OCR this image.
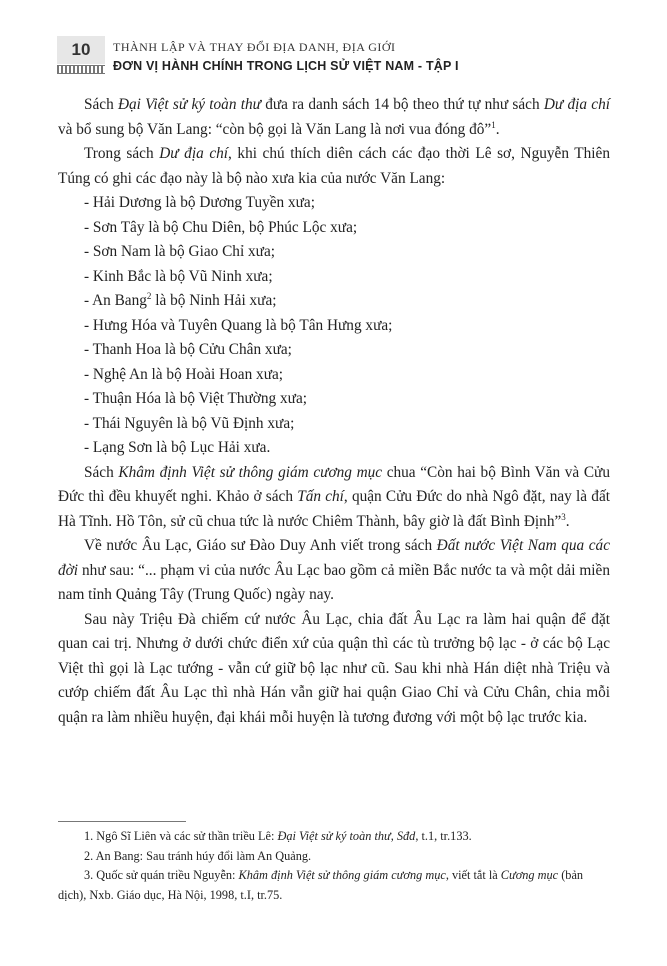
10	THÀNH LẬP VÀ THAY ĐỔI ĐỊA DANH, ĐỊA GIỚI
ĐƠN VỊ HÀNH CHÍNH TRONG LỊCH SỬ VIỆT NAM - TẬP I

Sách Đại Việt sử ký toàn thư đưa ra danh sách 14 bộ theo thứ tự như sách Dư địa chí và bổ sung bộ Văn Lang: “còn bộ gọi là Văn Lang là nơi vua đóng đô”$^1$.

Trong sách Dư địa chí, khi chú thích diên cách các đạo thời Lê sơ, Nguyễn Thiên Túng có ghi các đạo này là bộ nào xưa kia của nước Văn Lang:

- Hải Dương là bộ Dương Tuyền xưa;
- Sơn Tây là bộ Chu Diên, bộ Phúc Lộc xưa;
- Sơn Nam là bộ Giao Chỉ xưa;
- Kinh Bắc là bộ Vũ Ninh xưa;
- An Bang$^2$ là bộ Ninh Hải xưa;
- Hưng Hóa và Tuyên Quang là bộ Tân Hưng xưa;
- Thanh Hoa là bộ Cửu Chân xưa;
- Nghệ An là bộ Hoài Hoan xưa;
- Thuận Hóa là bộ Việt Thường xưa;
- Thái Nguyên là bộ Vũ Định xưa;
- Lạng Sơn là bộ Lục Hải xưa.

Sách Khâm định Việt sử thông giám cương mục chua “Còn hai bộ Bình Văn và Cửu Đức thì đều khuyết nghi. Khảo ở sách Tấn chí, quận Cửu Đức do nhà Ngô đặt, nay là đất Hà Tĩnh. Hồ Tôn, sử cũ chua tức là nước Chiêm Thành, bây giờ là đất Bình Định”$^3$.

Về nước Âu Lạc, Giáo sư Đào Duy Anh viết trong sách Đất nước Việt Nam qua các đời như sau: “... phạm vi của nước Âu Lạc bao gồm cả miền Bắc nước ta và một dải miền nam tỉnh Quảng Tây (Trung Quốc) ngày nay.

Sau này Triệu Đà chiếm cứ nước Âu Lạc, chia đất Âu Lạc ra làm hai quận để đặt quan cai trị. Nhưng ở dưới chức điển xứ của quận thì các tù trưởng bộ lạc - ở các bộ Lạc Việt thì gọi là Lạc tướng - vẫn cứ giữ bộ lạc như cũ. Sau khi nhà Hán diệt nhà Triệu và cướp chiếm đất Âu Lạc thì nhà Hán vẫn giữ hai quận Giao Chỉ và Cửu Chân, chia mỗi quận ra làm nhiều huyện, đại khái mỗi huyện là tương đương với một bộ lạc trước kia.

1. Ngô Sĩ Liên và các sử thần triều Lê: Đại Việt sử ký toàn thư, Sđd, t.1, tr.133.
2. An Bang: Sau tránh húy đổi làm An Quảng.
3. Quốc sử quán triều Nguyễn: Khâm định Việt sử thông giám cương mục, viết tắt là Cương mục (bản dịch), Nxb. Giáo dục, Hà Nội, 1998, t.I, tr.75.
